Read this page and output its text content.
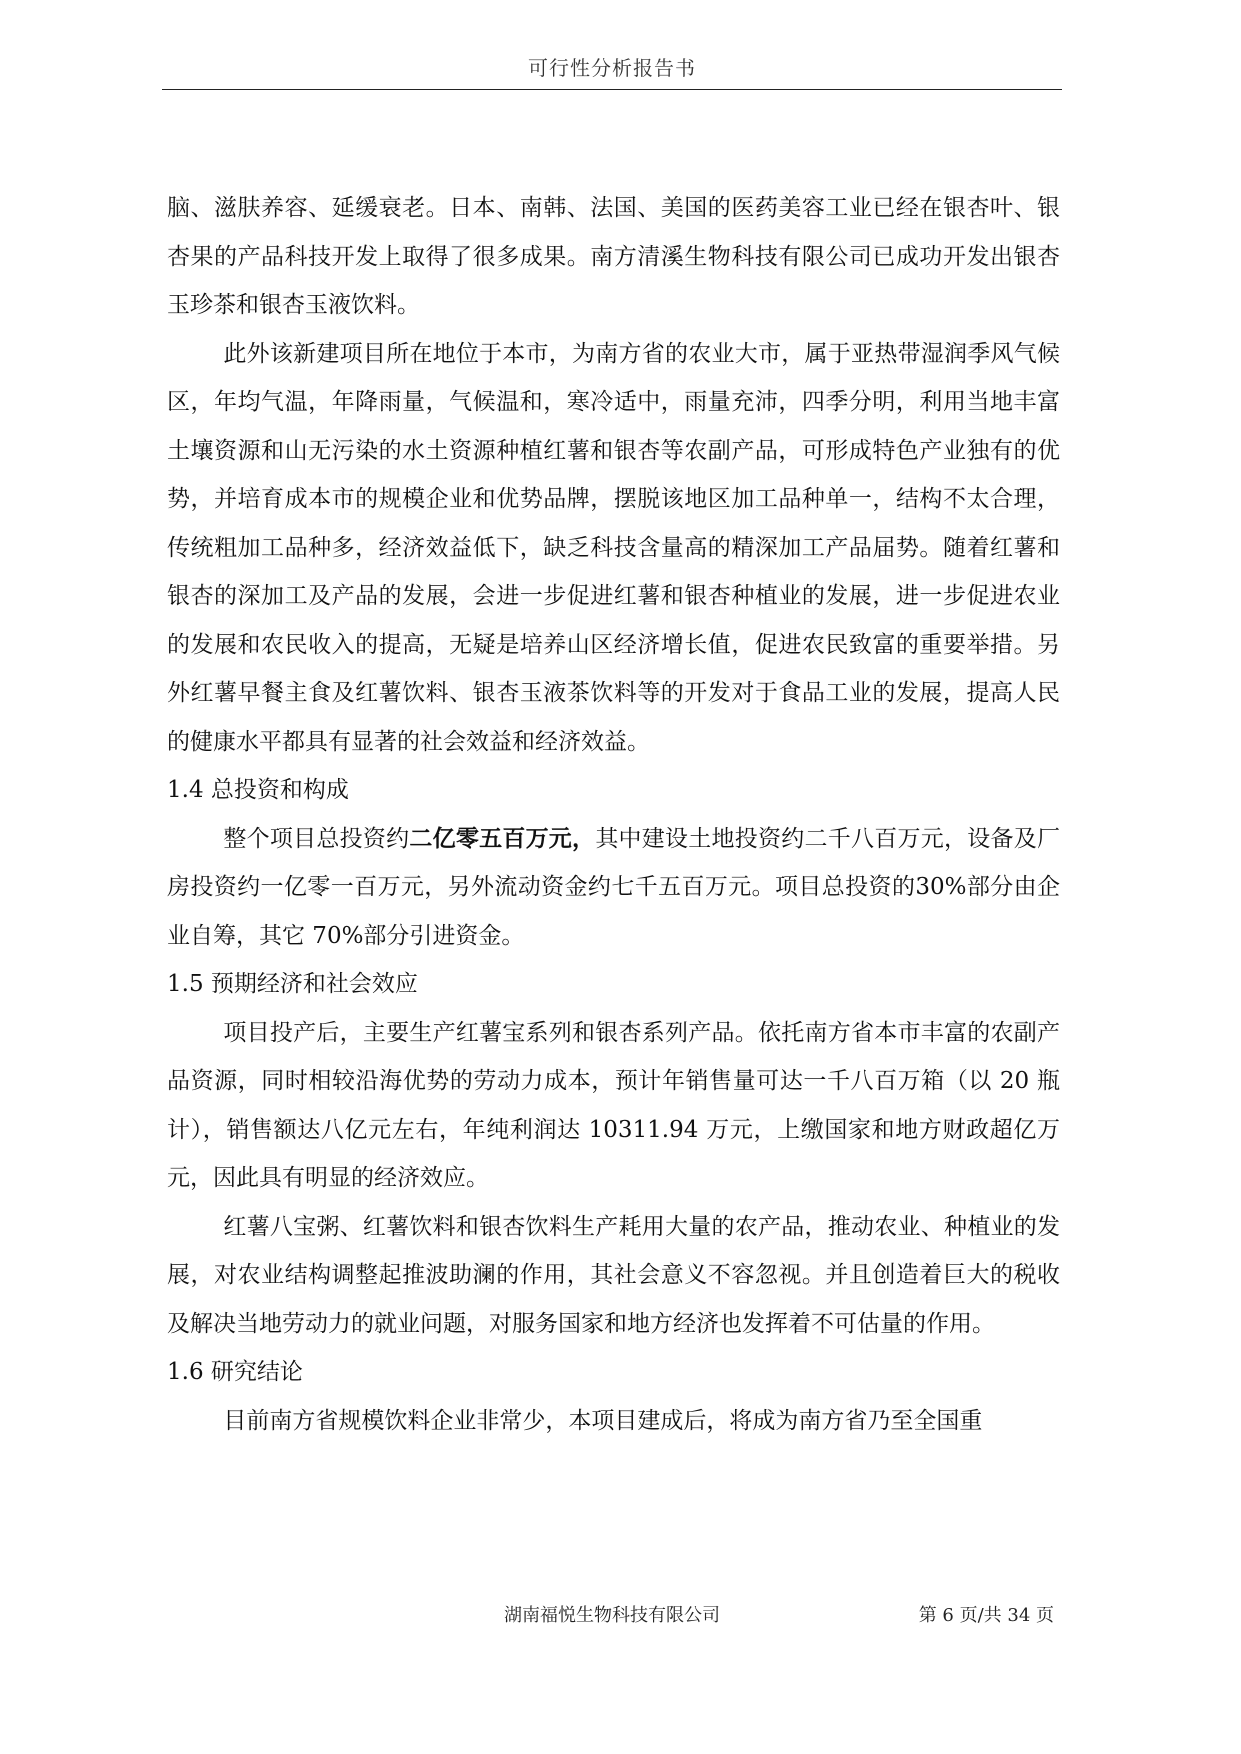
可行性分析报告书

脑、滋肤养容、延缓衰老。日本、南韩、法国、美国的医药美容工业已经在银杏叶、银杏果的产品科技开发上取得了很多成果。南方清溪生物科技有限公司已成功开发出银杏玉珍茶和银杏玉液饮料。

此外该新建项目所在地位于本市，为南方省的农业大市，属于亚热带湿润季风气候区，年均气温，年降雨量，气候温和，寒冷适中，雨量充沛，四季分明，利用当地丰富土壤资源和山无污染的水土资源种植红薯和银杏等农副产品，可形成特色产业独有的优势，并培育成本市的规模企业和优势品牌，摆脱该地区加工品种单一，结构不太合理，传统粗加工品种多，经济效益低下，缺乏科技含量高的精深加工产品届势。随着红薯和银杏的深加工及产品的发展，会进一步促进红薯和银杏种植业的发展，进一步促进农业的发展和农民收入的提高，无疑是培养山区经济增长值，促进农民致富的重要举措。另外红薯早餐主食及红薯饮料、银杏玉液茶饮料等的开发对于食品工业的发展，提高人民的健康水平都具有显著的社会效益和经济效益。

1.4 总投资和构成

整个项目总投资约二亿零五百万元，其中建设土地投资约二千八百万元，设备及厂房投资约一亿零一百万元，另外流动资金约七千五百万元。项目总投资的30%部分由企业自筹，其它 70%部分引进资金。

1.5 预期经济和社会效应

项目投产后，主要生产红薯宝系列和银杏系列产品。依托南方省本市丰富的农副产品资源，同时相较沿海优势的劳动力成本，预计年销售量可达一千八百万箱（以 20 瓶计），销售额达八亿元左右，年纯利润达 10311.94 万元，上缴国家和地方财政超亿万元，因此具有明显的经济效应。

红薯八宝粥、红薯饮料和银杏饮料生产耗用大量的农产品，推动农业、种植业的发展，对农业结构调整起推波助澜的作用，其社会意义不容忽视。并且创造着巨大的税收及解决当地劳动力的就业问题，对服务国家和地方经济也发挥着不可估量的作用。

1.6 研究结论

目前南方省规模饮料企业非常少，本项目建成后，将成为南方省乃至全国重

湖南福悦生物科技有限公司	第 6 页/共 34 页
